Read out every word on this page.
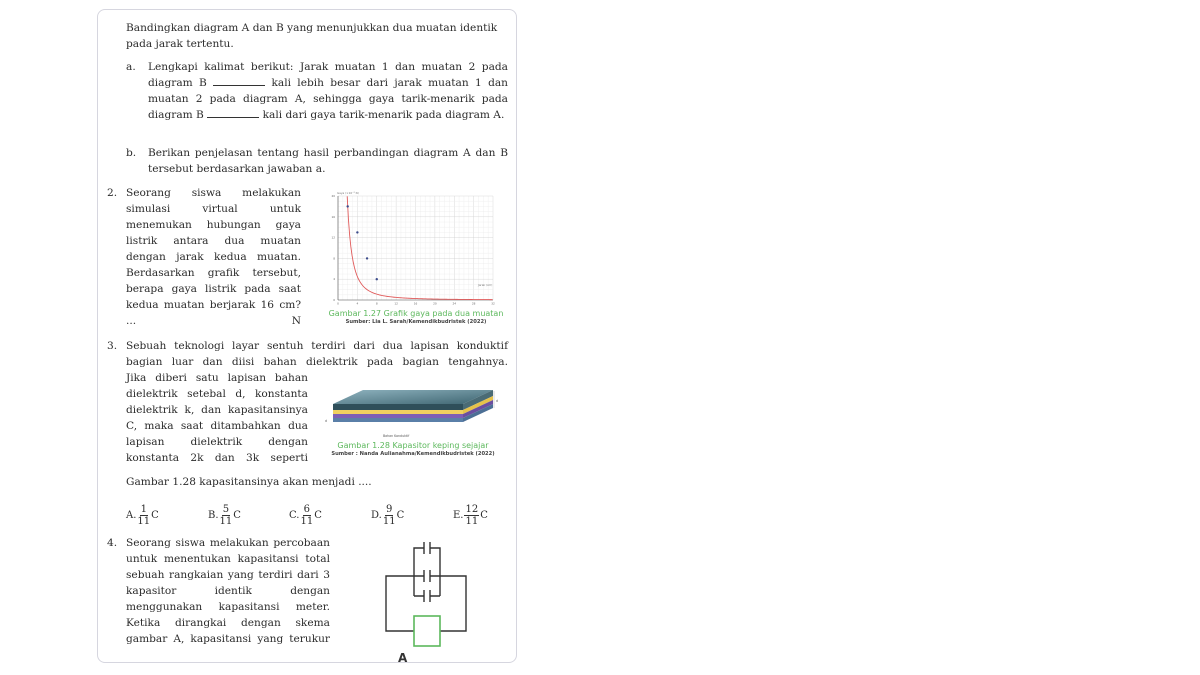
Bandingkan diagram A dan B yang menunjukkan dua muatan identik pada jarak tertentu.
a. Lengkapi kalimat berikut: Jarak muatan 1 dan muatan 2 pada diagram B	kali lebih besar dari jarak muatan 1 dan muatan 2 pada diagram A, sehingga gaya tarik-menarik pada diagram B	kali dari gaya tarik-menarik pada diagram A.
b. Berikan penjelasan tentang hasil perbandingan diagram A dan B tersebut berdasarkan jawaban a.
2. Seorang siswa melakukan simulasi virtual untuk menemukan hubungan gaya listrik antara dua muatan dengan jarak kedua muatan. Berdasarkan grafik tersebut, berapa gaya listrik pada saat kedua muatan berjarak 16 cm? ... N
0
4
8
12
16
20
0	4	8	12	16	20	24	28	32
Gaya (×10⁻² N)
Jarak (cm)
Gambar 1.27 Grafik gaya pada dua muatan
Sumber: Lia L. Sarah/Kemendikbudristek (2022)
3. Sebuah teknologi layar sentuh terdiri dari dua lapisan konduktif bagian luar dan diisi bahan dielektrik pada bagian tengahnya.
Jika diberi satu lapisan bahan dielektrik setebal d, konstanta dielektrik k, dan kapasitansinya C, maka saat ditambahkan dua lapisan dielektrik dengan konstanta 2k dan 3k seperti
Gambar 1.28 kapasitansinya akan menjadi ....
d
d
Bahan Konduktif
Gambar 1.28 Kapasitor keping sejajar
Sumber : Nanda Aulianahma/Kemendikbudristek (2022)
A. $\frac{1}{11}$ C	B. $\frac{5}{11}$ C	C. $\frac{6}{11}$ C	D. $\frac{9}{11}$ C	E. $\frac{12}{11}$ C
4. Seorang siswa melakukan percobaan untuk menentukan kapasitansi total sebuah rangkaian yang terdiri dari 3 kapasitor identik dengan menggunakan kapasitansi meter. Ketika dirangkai dengan skema gambar A, kapasitansi yang terukur
A
